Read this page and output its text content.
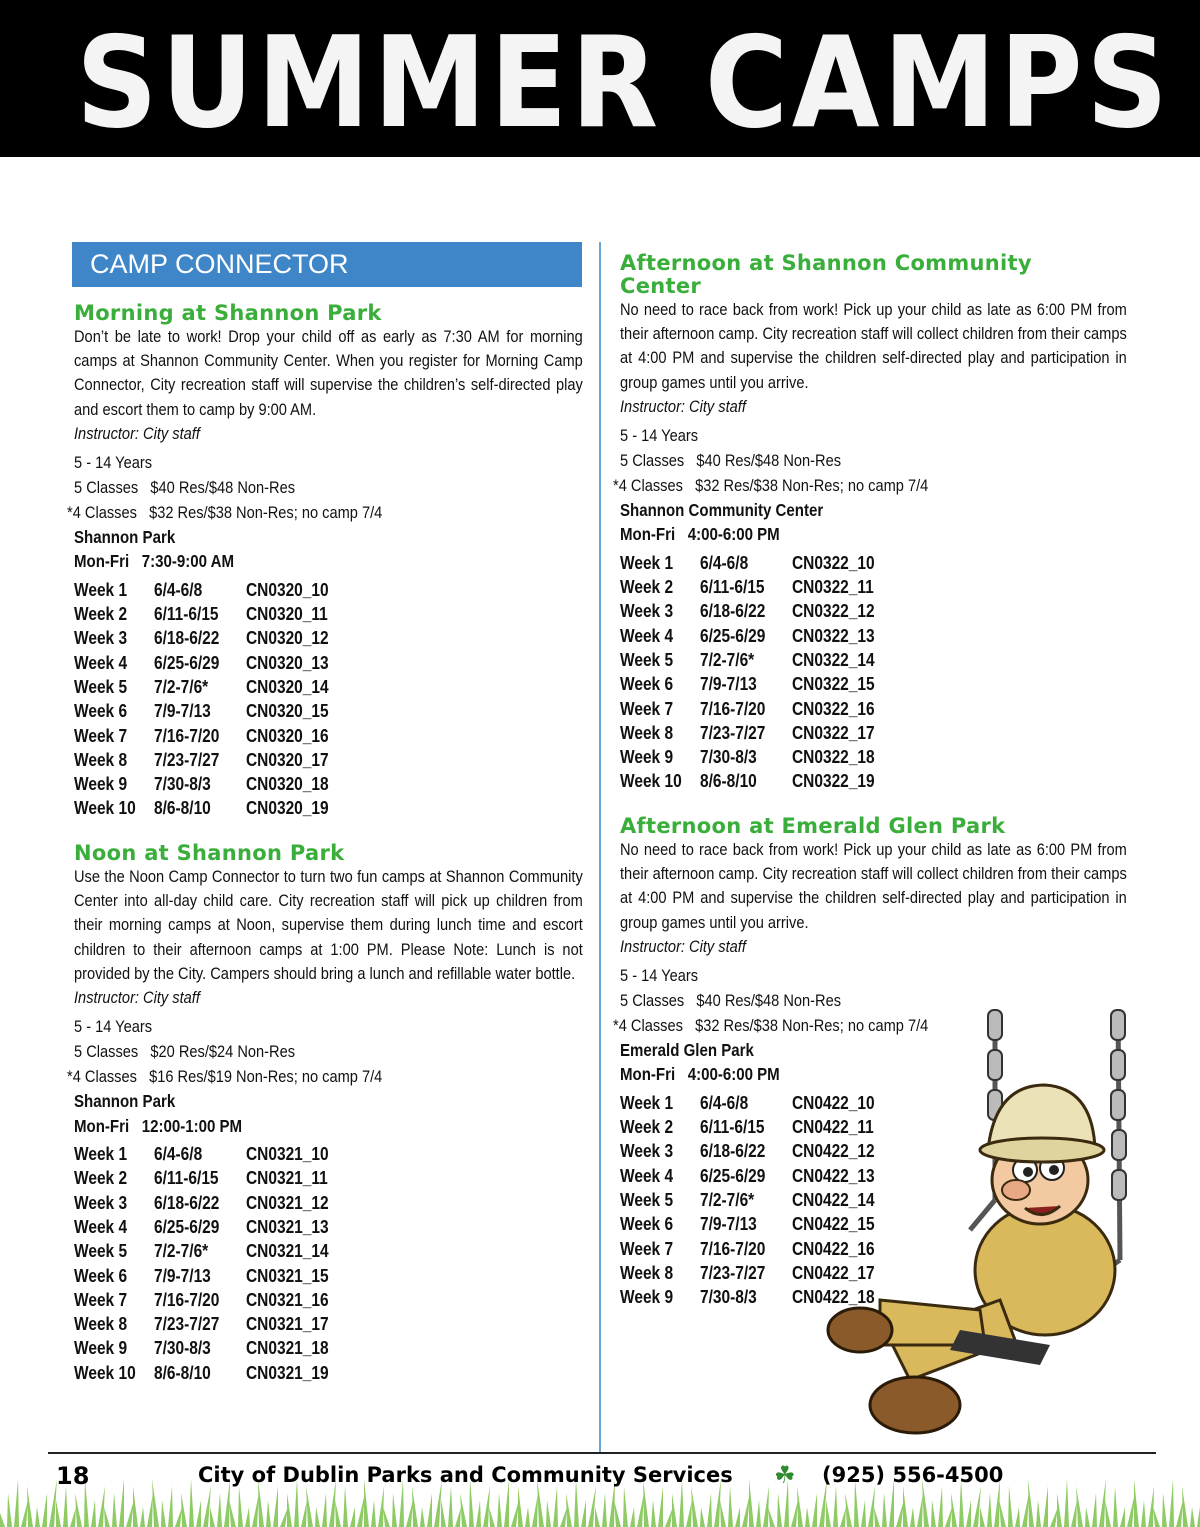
SUMMER CAMPS
CAMP CONNECTOR
Morning at Shannon Park
Don’t be late to work! Drop your child off as early as 7:30 AM for morning camps at Shannon Community Center. When you register for Morning Camp Connector, City recreation staff will supervise the children’s self-directed play and escort them to camp by 9:00 AM.
Instructor: City staff
5 - 14 Years
5 Classes   $40 Res/$48 Non-Res
*4 Classes   $32 Res/$38 Non-Res; no camp 7/4
Shannon Park
Mon-Fri   7:30-9:00 AM
Week 1	6/4-6/8	CN0320_10
Week 2	6/11-6/15	CN0320_11
Week 3	6/18-6/22	CN0320_12
Week 4	6/25-6/29	CN0320_13
Week 5	7/2-7/6*	CN0320_14
Week 6	7/9-7/13	CN0320_15
Week 7	7/16-7/20	CN0320_16
Week 8	7/23-7/27	CN0320_17
Week 9	7/30-8/3	CN0320_18
Week 10	8/6-8/10	CN0320_19
Noon at Shannon Park
Use the Noon Camp Connector to turn two fun camps at Shannon Community Center into all-day child care. City recreation staff will pick up children from their morning camps at Noon, supervise them during lunch time and escort children to their afternoon camps at 1:00 PM. Please Note: Lunch is not provided by the City. Campers should bring a lunch and refillable water bottle.
Instructor: City staff
5 - 14 Years
5 Classes   $20 Res/$24 Non-Res
*4 Classes   $16 Res/$19 Non-Res; no camp 7/4
Shannon Park
Mon-Fri   12:00-1:00 PM
Week 1	6/4-6/8	CN0321_10
Week 2	6/11-6/15	CN0321_11
Week 3	6/18-6/22	CN0321_12
Week 4	6/25-6/29	CN0321_13
Week 5	7/2-7/6*	CN0321_14
Week 6	7/9-7/13	CN0321_15
Week 7	7/16-7/20	CN0321_16
Week 8	7/23-7/27	CN0321_17
Week 9	7/30-8/3	CN0321_18
Week 10	8/6-8/10	CN0321_19
Afternoon at Shannon Community Center
No need to race back from work! Pick up your child as late as 6:00 PM from their afternoon camp. City recreation staff will collect children from their camps at 4:00 PM and supervise the children self-directed play and participation in group games until you arrive.
Instructor: City staff
5 - 14 Years
5 Classes   $40 Res/$48 Non-Res
*4 Classes   $32 Res/$38 Non-Res; no camp 7/4
Shannon Community Center
Mon-Fri   4:00-6:00 PM
Week 1	6/4-6/8	CN0322_10
Week 2	6/11-6/15	CN0322_11
Week 3	6/18-6/22	CN0322_12
Week 4	6/25-6/29	CN0322_13
Week 5	7/2-7/6*	CN0322_14
Week 6	7/9-7/13	CN0322_15
Week 7	7/16-7/20	CN0322_16
Week 8	7/23-7/27	CN0322_17
Week 9	7/30-8/3	CN0322_18
Week 10	8/6-8/10	CN0322_19
Afternoon at Emerald Glen Park
No need to race back from work! Pick up your child as late as 6:00 PM from their afternoon camp. City recreation staff will collect children from their camps at 4:00 PM and supervise the children self-directed play and participation in group games until you arrive.
Instructor: City staff
5 - 14 Years
5 Classes   $40 Res/$48 Non-Res
*4 Classes   $32 Res/$38 Non-Res; no camp 7/4
Emerald Glen Park
Mon-Fri   4:00-6:00 PM
Week 1	6/4-6/8	CN0422_10
Week 2	6/11-6/15	CN0422_11
Week 3	6/18-6/22	CN0422_12
Week 4	6/25-6/29	CN0422_13
Week 5	7/2-7/6*	CN0422_14
Week 6	7/9-7/13	CN0422_15
Week 7	7/16-7/20	CN0422_16
Week 8	7/23-7/27	CN0422_17
Week 9	7/30-8/3	CN0422_18
18	City of Dublin Parks and Community Services ☘ (925) 556-4500
